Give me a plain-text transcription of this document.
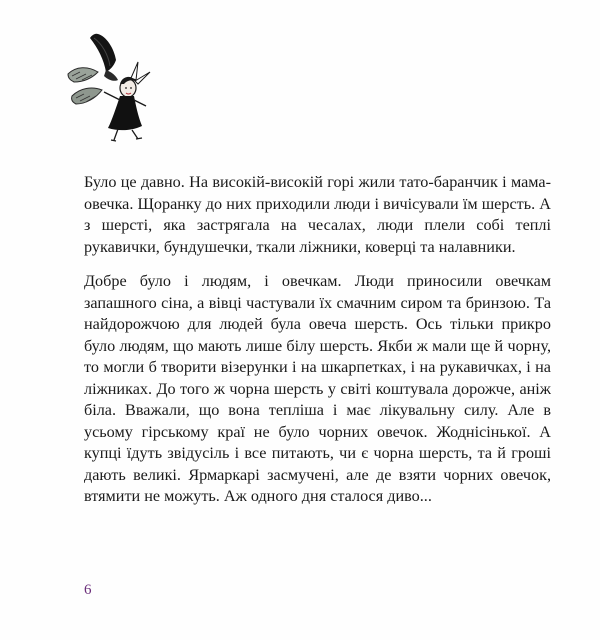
Було це давно. На високій-високій горі жили тато-баранчик і мама-овечка. Щоранку до них приходили люди і вичісували їм шерсть. А з шерсті, яка застрягала на чесалах, люди плели собі теплі рукавички, бундушечки, ткали ліжники, коверці та налавники.

Добре було і людям, і овечкам. Люди приносили овечкам запашного сіна, а вівці частували їх смачним сиром та бринзою. Та найдорожчою для людей була овеча шерсть. Ось тільки прикро було людям, що мають лише білу шерсть. Якби ж мали ще й чорну, то могли б творити візерунки і на шкарпетках, і на рукавичках, і на ліжниках. До того ж чорна шерсть у світі коштувала дорожче, аніж біла. Вважали, що вона тепліша і має лікувальну силу. Але в усьому гірському краї не було чорних овечок. Жоднісінької. А купці їдуть звідусіль і все питають, чи є чорна шерсть, та й гроші дають великі. Ярмаркарі засмучені, але де взяти чорних овечок, втямити не можуть. Аж одного дня сталося диво...

6
